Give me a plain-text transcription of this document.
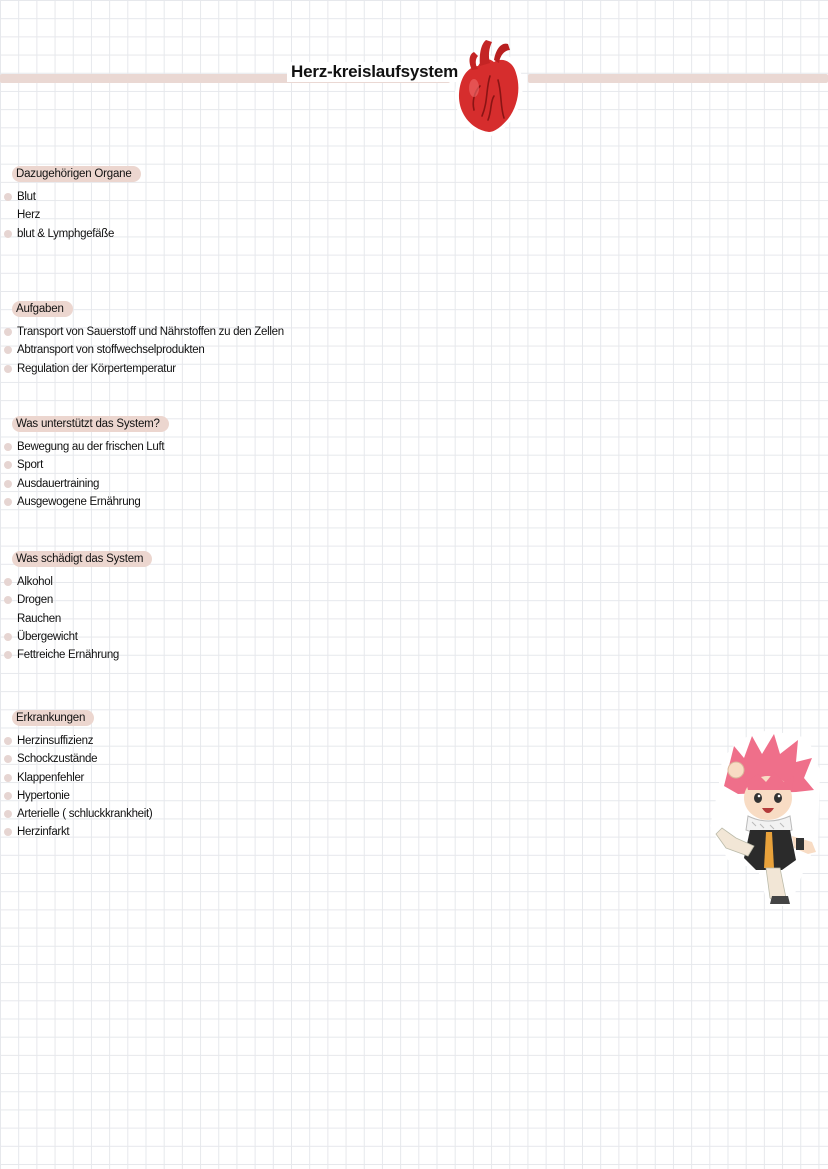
Herz-kreislaufsystem
Dazugehörigen Organe
Blut
Herz
blut & Lymphgefäße
Aufgaben
Transport von Sauerstoff und Nährstoffen zu den Zellen
Abtransport von stoffwechselprodukten
Regulation der Körpertemperatur
Was unterstützt das System?
Bewegung au der frischen Luft
Sport
Ausdauertraining
Ausgewogene Ernährung
Was schädigt das System
Alkohol
Drogen
Rauchen
Übergewicht
Fettreiche Ernährung
Erkrankungen
Herzinsuffizienz
Schockzustände
Klappenfehler
Hypertonie
Arterielle ( schluckkrankheit)
Herzinfarkt
